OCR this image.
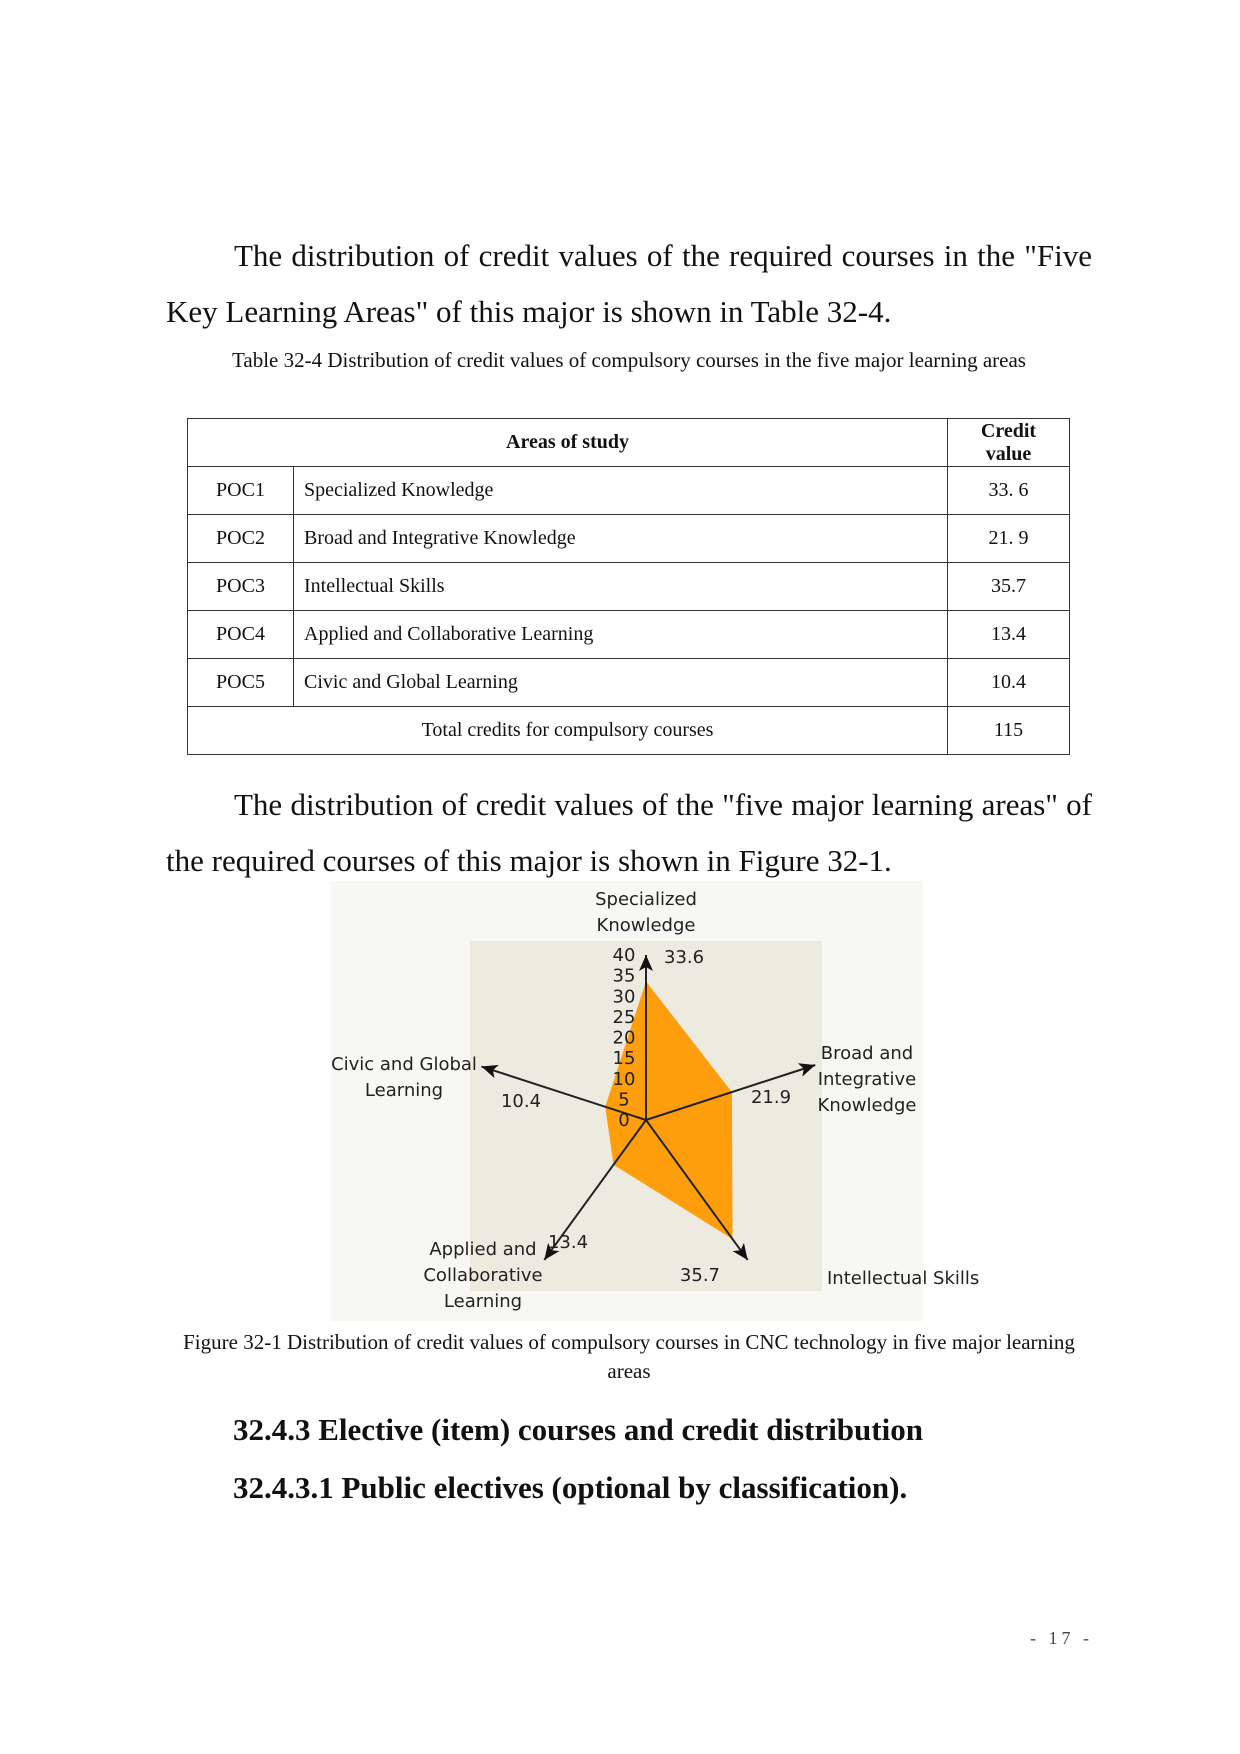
The distribution of credit values of the required courses in the "Five Key Learning Areas" of this major is shown in Table 32-4.

Table 32-4 Distribution of credit values of compulsory courses in the five major learning areas

Areas of study		Credit value
POC1	Specialized Knowledge	33. 6
POC2	Broad and Integrative Knowledge	21. 9
POC3	Intellectual Skills	35.7
POC4	Applied and Collaborative Learning	13.4
POC5	Civic and Global Learning	10.4
Total credits for compulsory courses		115

The distribution of credit values of the "five major learning areas" of the required courses of this major is shown in Figure 32-1.

0
5
10
15
20
25
30
35
40
Specialized
Knowledge
Broad and
Integrative
Knowledge
Intellectual Skills
Applied and
Collaborative
Learning
Civic and Global
Learning
33.6
21.9
35.7
13.4
10.4

Figure 32-1 Distribution of credit values of compulsory courses in CNC technology in five major learning areas

32.4.3 Elective (item) courses and credit distribution

32.4.3.1 Public electives (optional by classification).

- 17 -
